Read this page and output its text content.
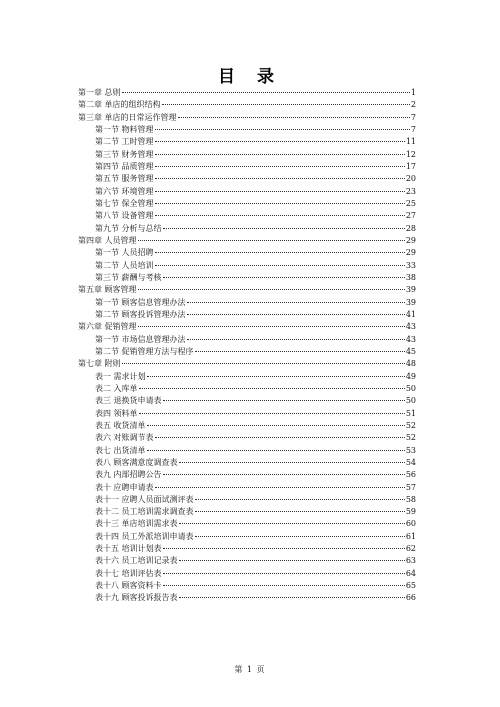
目 录
第一章 总则	1
第二章 单店的组织结构	2
第三章 单店的日常运作管理	7
第一节 物料管理	7
第二节 工时管理	11
第三节 财务管理	12
第四节 品质管理	17
第五节 服务管理	20
第六节 环境管理	23
第七节 保全管理	25
第八节 设备管理	27
第九节 分析与总结	28
第四章 人员管理	29
第一节 人员招聘	29
第二节 人员培训	33
第三节 薪酬与考核	38
第五章 顾客管理	39
第一节 顾客信息管理办法	39
第二节 顾客投诉管理办法	41
第六章 促销管理	43
第一节 市场信息管理办法	43
第二节 促销管理方法与程序	45
第七章 附则	48
表一 需求计划	49
表二 入库单	50
表三 退换货申请表	50
表四 领料单	51
表五 收货清单	52
表六 对账调节表	52
表七 出货清单	53
表八 顾客满意度调查表	54
表九 内部招聘公告	56
表十 应聘申请表	57
表十一 应聘人员面试测评表	58
表十二 员工培训需求调查表	59
表十三 单店培训需求表	60
表十四 员工外派培训申请表	61
表十五 培训计划表	62
表十六 员工培训记录表	63
表十七 培训评估表	64
表十八 顾客资料卡	65
表十九 顾客投诉报告表	66
第 1 页
